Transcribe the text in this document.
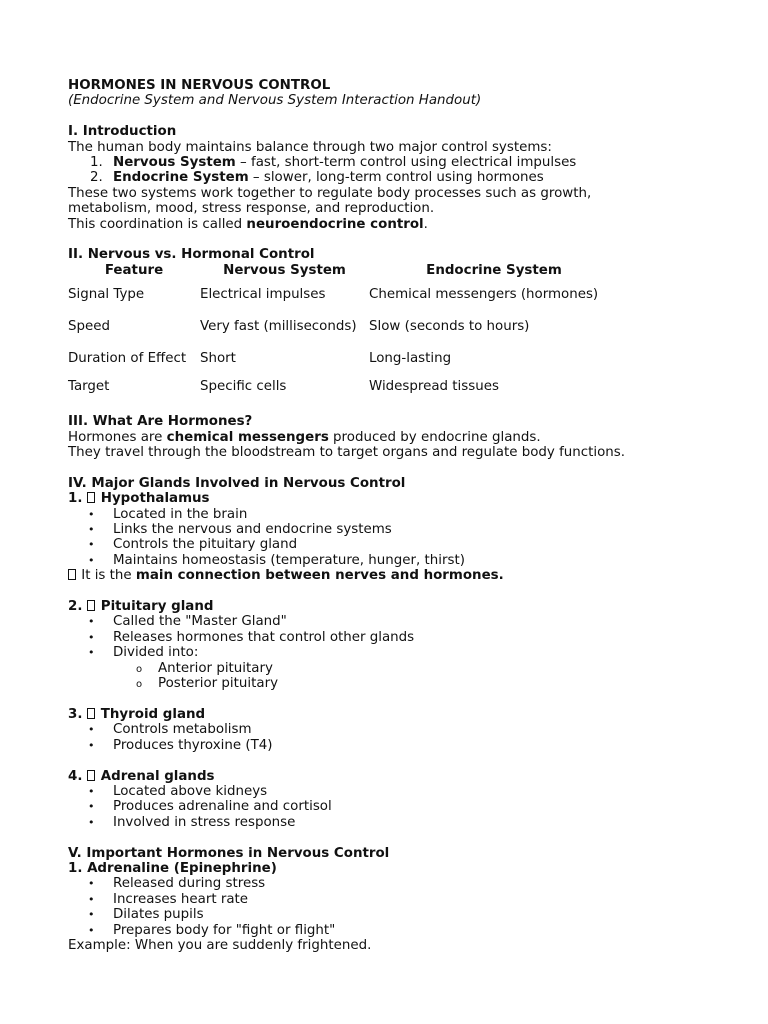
HORMONES IN NERVOUS CONTROL
(Endocrine System and Nervous System Interaction Handout)
I. Introduction
The human body maintains balance through two major control systems:
1. Nervous System – fast, short-term control using electrical impulses
2. Endocrine System – slower, long-term control using hormones
These two systems work together to regulate body processes such as growth,
metabolism, mood, stress response, and reproduction.
This coordination is called neuroendocrine control.
II. Nervous vs. Hormonal Control
Feature	Nervous System	Endocrine System
Signal Type	Electrical impulses	Chemical messengers (hormones)
Speed	Very fast (milliseconds)	Slow (seconds to hours)
Duration of Effect	Short	Long-lasting
Target	Specific cells	Widespread tissues
III. What Are Hormones?
Hormones are chemical messengers produced by endocrine glands.
They travel through the bloodstream to target organs and regulate body functions.
IV. Major Glands Involved in Nervous Control
1. Hypothalamus
• Located in the brain
• Links the nervous and endocrine systems
• Controls the pituitary gland
• Maintains homeostasis (temperature, hunger, thirst)
It is the main connection between nerves and hormones.
2. Pituitary gland
• Called the "Master Gland"
• Releases hormones that control other glands
• Divided into:
o Anterior pituitary
o Posterior pituitary
3. Thyroid gland
• Controls metabolism
• Produces thyroxine (T4)
4. Adrenal glands
• Located above kidneys
• Produces adrenaline and cortisol
• Involved in stress response
V. Important Hormones in Nervous Control
1. Adrenaline (Epinephrine)
• Released during stress
• Increases heart rate
• Dilates pupils
• Prepares body for "fight or flight"
Example: When you are suddenly frightened.
